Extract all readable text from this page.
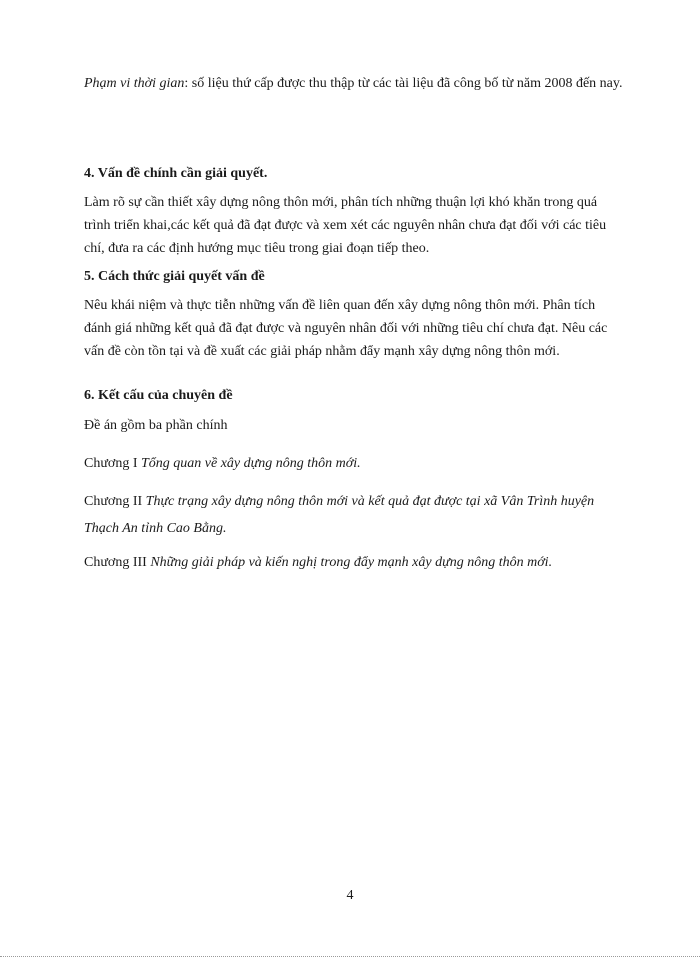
Phạm vi thời gian: số liệu thứ cấp được thu thập từ các tài liệu đã công bố từ năm 2008 đến nay.

4. Vấn đề chính cần giải quyết.

Làm rõ sự cần thiết xây dựng nông thôn mới, phân tích những thuận lợi khó khăn trong quá trình triển khai,các kết quả đã đạt được và xem xét các nguyên nhân chưa đạt đối với các tiêu chí, đưa ra các định hướng mục tiêu trong giai đoạn tiếp theo.

5. Cách thức giải quyết vấn đề

Nêu khái niệm và thực tiễn những vấn đề liên quan đến xây dựng nông thôn mới. Phân tích đánh giá những kết quả đã đạt được và nguyên nhân đối với những tiêu chí chưa đạt. Nêu các vấn đề còn tồn tại và đề xuất các giải pháp nhằm đẩy mạnh xây dựng nông thôn mới.

6. Kết cấu của chuyên đề
Đề án gồm ba phần chính

Chương I Tổng quan về xây dựng nông thôn mới.

Chương II Thực trạng xây dựng nông thôn mới và kết quả đạt được tại xã Vân Trình huyện Thạch An tỉnh Cao Bằng.

Chương III Những giải pháp và kiến nghị trong đẩy mạnh xây dựng nông thôn mới.

4
